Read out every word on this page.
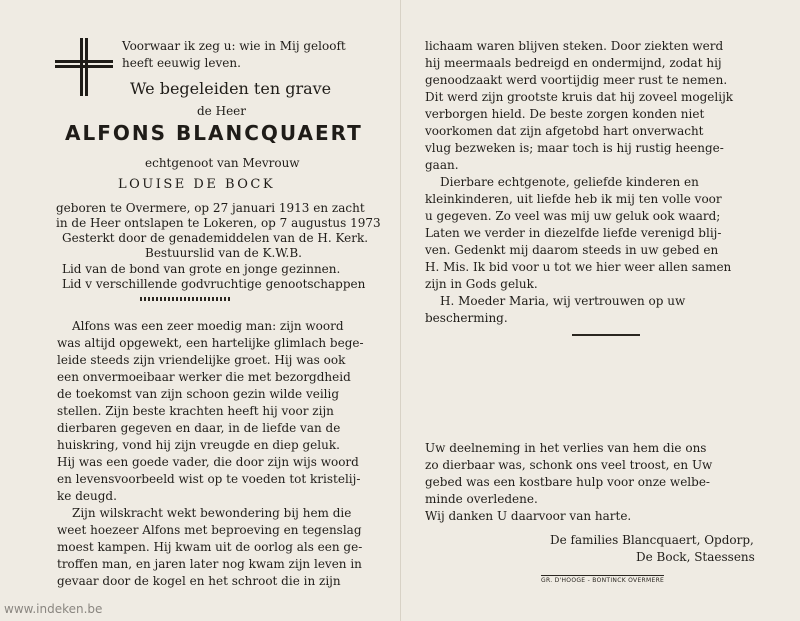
Voorwaar ik zeg u: wie in Mij gelooft
heeft eeuwig leven.
We begeleiden ten grave
de Heer
ALFONS BLANCQUAERT
echtgenoot van Mevrouw
LOUISE DE BOCK
geboren te Overmere, op 27 januari 1913 en zacht
in de Heer ontslapen te Lokeren, op 7 augustus 1973
Gesterkt door de genademiddelen van de H. Kerk.
Bestuurslid van de K.W.B.
Lid van de bond van grote en jonge gezinnen.
Lid v verschillende godvruchtige genootschappen
Alfons was een zeer moedig man: zijn woord
was altijd opgewekt, een hartelijke glimlach bege-
leide steeds zijn vriendelijke groet. Hij was ook
een onvermoeibaar werker die met bezorgdheid
de toekomst van zijn schoon gezin wilde veilig
stellen. Zijn beste krachten heeft hij voor zijn
dierbaren gegeven en daar, in de liefde van de
huiskring, vond hij zijn vreugde en diep geluk.
Hij was een goede vader, die door zijn wijs woord
en levensvoorbeeld wist op te voeden tot kristelij-
ke deugd.
Zijn wilskracht wekt bewondering bij hem die
weet hoezeer Alfons met beproeving en tegenslag
moest kampen. Hij kwam uit de oorlog als een ge-
troffen man, en jaren later nog kwam zijn leven in
gevaar door de kogel en het schroot die in zijn
lichaam waren blijven steken. Door ziekten werd
hij meermaals bedreigd en ondermijnd, zodat hij
genoodzaakt werd voortijdig meer rust te nemen.
Dit werd zijn grootste kruis dat hij zoveel mogelijk
verborgen hield. De beste zorgen konden niet
voorkomen dat zijn afgetobd hart onverwacht
vlug bezweken is; maar toch is hij rustig heenge-
gaan.
Dierbare echtgenote, geliefde kinderen en
kleinkinderen, uit liefde heb ik mij ten volle voor
u gegeven. Zo veel was mij uw geluk ook waard;
Laten we verder in diezelfde liefde verenigd blij-
ven. Gedenkt mij daarom steeds in uw gebed en
H. Mis. Ik bid voor u tot we hier weer allen samen
zijn in Gods geluk.
H. Moeder Maria, wij vertrouwen op uw
bescherming.
Uw deelneming in het verlies van hem die ons
zo dierbaar was, schonk ons veel troost, en Uw
gebed was een kostbare hulp voor onze welbe-
minde overledene.
Wij danken U daarvoor van harte.
De families Blancquaert, Opdorp,
De Bock, Staessens
GR. D'HOOGE - BONTINCK OVERMERE
www.indeken.be
